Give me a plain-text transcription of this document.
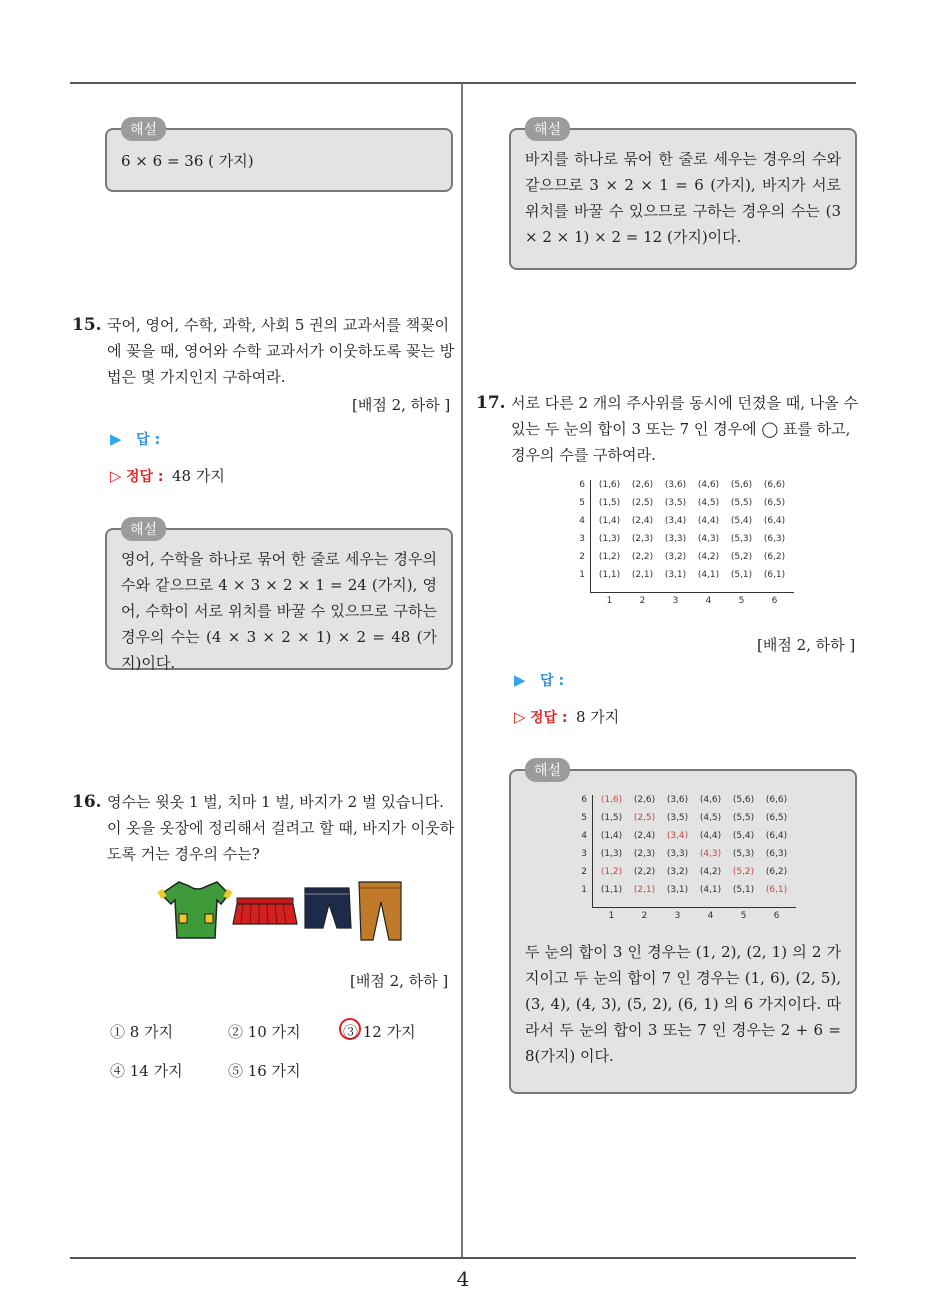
4
해설

6 × 6 = 36 ( 가지)

15. 국어, 영어, 수학, 과학, 사회 5 권의 교과서를 책꽂이에 꽂을 때, 영어와 수학 교과서가 이웃하도록 꽂는 방법은 몇 가지인지 구하여라.
[배점 2, 하하 ]
▶ 답 :
▷ 정답 : 48 가지
해설

영어, 수학을 하나로 묶어 한 줄로 세우는 경우의 수와 같으므로 4 × 3 × 2 × 1 = 24 (가지), 영어, 수학이 서로 위치를 바꿀 수 있으므로 구하는 경우의 수는 (4 × 3 × 2 × 1) × 2 = 48 (가지)이다.

16. 영수는 윗옷 1 벌, 치마 1 벌, 바지가 2 벌 있습니다. 이 옷을 옷장에 정리해서 걸려고 할 때, 바지가 이웃하도록 거는 경우의 수는?
[배점 2, 하하 ]
① 8 가지	② 10 가지	③ 12 가지
④ 14 가지	⑤ 16 가지
해설

바지를 하나로 묶어 한 줄로 세우는 경우의 수와 같으므로 3 × 2 × 1 = 6 (가지), 바지가 서로 위치를 바꿀 수 있으므로 구하는 경우의 수는 (3 × 2 × 1) × 2 = 12 (가지)이다.

17. 서로 다른 2 개의 주사위를 동시에 던졌을 때, 나올 수 있는 두 눈의 합이 3 또는 7 인 경우에 ◯ 표를 하고, 경우의 수를 구하여라.
6	(1,6)	(2,6)	(3,6)	(4,6)	(5,6)	(6,6)
5	(1,5)	(2,5)	(3,5)	(4,5)	(5,5)	(6,5)
4	(1,4)	(2,4)	(3,4)	(4,4)	(5,4)	(6,4)
3	(1,3)	(2,3)	(3,3)	(4,3)	(5,3)	(6,3)
2	(1,2)	(2,2)	(3,2)	(4,2)	(5,2)	(6,2)
1	(1,1)	(2,1)	(3,1)	(4,1)	(5,1)	(6,1)
1	2	3	4	5	6
[배점 2, 하하 ]
▶ 답 :
▷ 정답 : 8 가지
해설
6	(1,6)	(2,6)	(3,6)	(4,6)	(5,6)	(6,6)
5	(1,5)	(2,5)	(3,5)	(4,5)	(5,5)	(6,5)
4	(1,4)	(2,4)	(3,4)	(4,4)	(5,4)	(6,4)
3	(1,3)	(2,3)	(3,3)	(4,3)	(5,3)	(6,3)
2	(1,2)	(2,2)	(3,2)	(4,2)	(5,2)	(6,2)
1	(1,1)	(2,1)	(3,1)	(4,1)	(5,1)	(6,1)
1	2	3	4	5	6

두 눈의 합이 3 인 경우는 (1, 2), (2, 1) 의 2 가지이고 두 눈의 합이 7 인 경우는 (1, 6), (2, 5), (3, 4), (4, 3), (5, 2), (6, 1) 의 6 가지이다. 따라서 두 눈의 합이 3 또는 7 인 경우는 2 + 6 = 8(가지) 이다.
